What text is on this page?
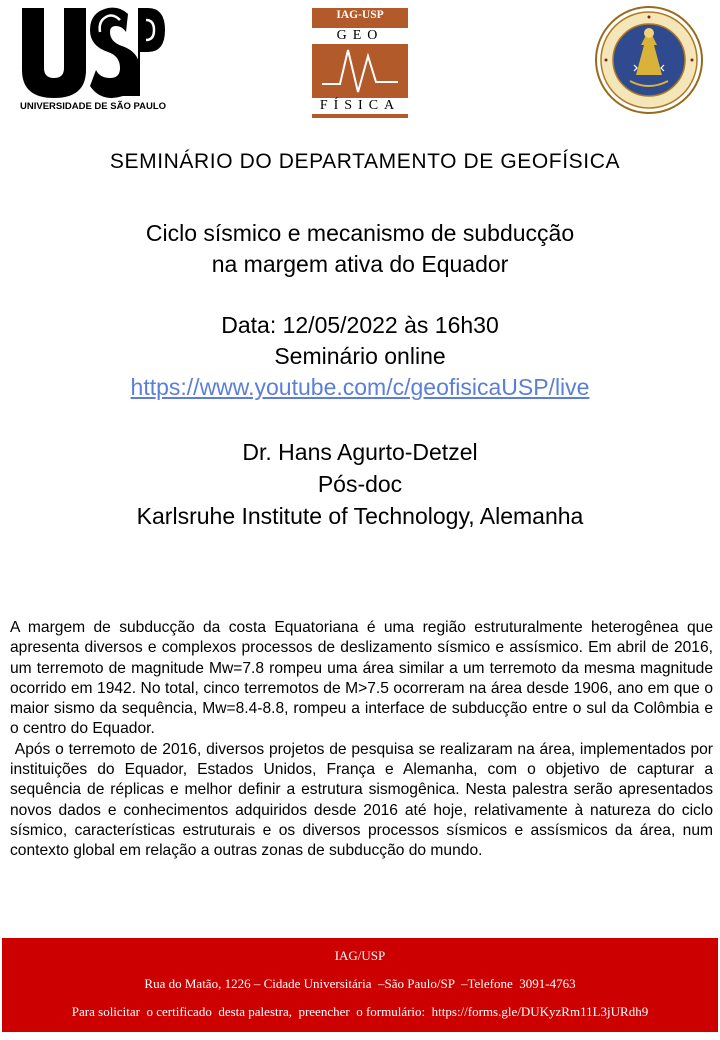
UNIVERSIDADE DE SÃO PAULO
IAG-USP
GEO
FÍSICA
SEMINÁRIO DO DEPARTAMENTO DE GEOFÍSICA
Ciclo sísmico e mecanismo de subducção
na margem ativa do Equador
Data: 12/05/2022 às 16h30
Seminário online
https://www.youtube.com/c/geofisicaUSP/live
Dr. Hans Agurto-Detzel
Pós-doc
Karlsruhe Institute of Technology, Alemanha

A margem de subducção da costa Equatoriana é uma região estruturalmente heterogênea que apresenta diversos e complexos processos de deslizamento sísmico e assísmico. Em abril de 2016, um terremoto de magnitude Mw=7.8 rompeu uma área similar a um terremoto da mesma magnitude ocorrido em 1942. No total, cinco terremotos de M>7.5 ocorreram na área desde 1906, ano em que o maior sismo da sequência, Mw=8.4-8.8, rompeu a interface de subducção entre o sul da Colômbia e o centro do Equador.

Após o terremoto de 2016, diversos projetos de pesquisa se realizaram na área, implementados por instituições do Equador, Estados Unidos, França e Alemanha, com o objetivo de capturar a sequência de réplicas e melhor definir a estrutura sismogênica. Nesta palestra serão apresentados novos dados e conhecimentos adquiridos desde 2016 até hoje, relativamente à natureza do ciclo sísmico, características estruturais e os diversos processos sísmicos e assísmicos da área, num contexto global em relação a outras zonas de subducção do mundo.

IAG/USP
Rua do Matão, 1226 – Cidade Universitária  –São Paulo/SP  –Telefone  3091-4763
Para solicitar  o certificado  desta palestra,  preencher  o formulário:  https://forms.gle/DUKyzRm11L3jURdh9
